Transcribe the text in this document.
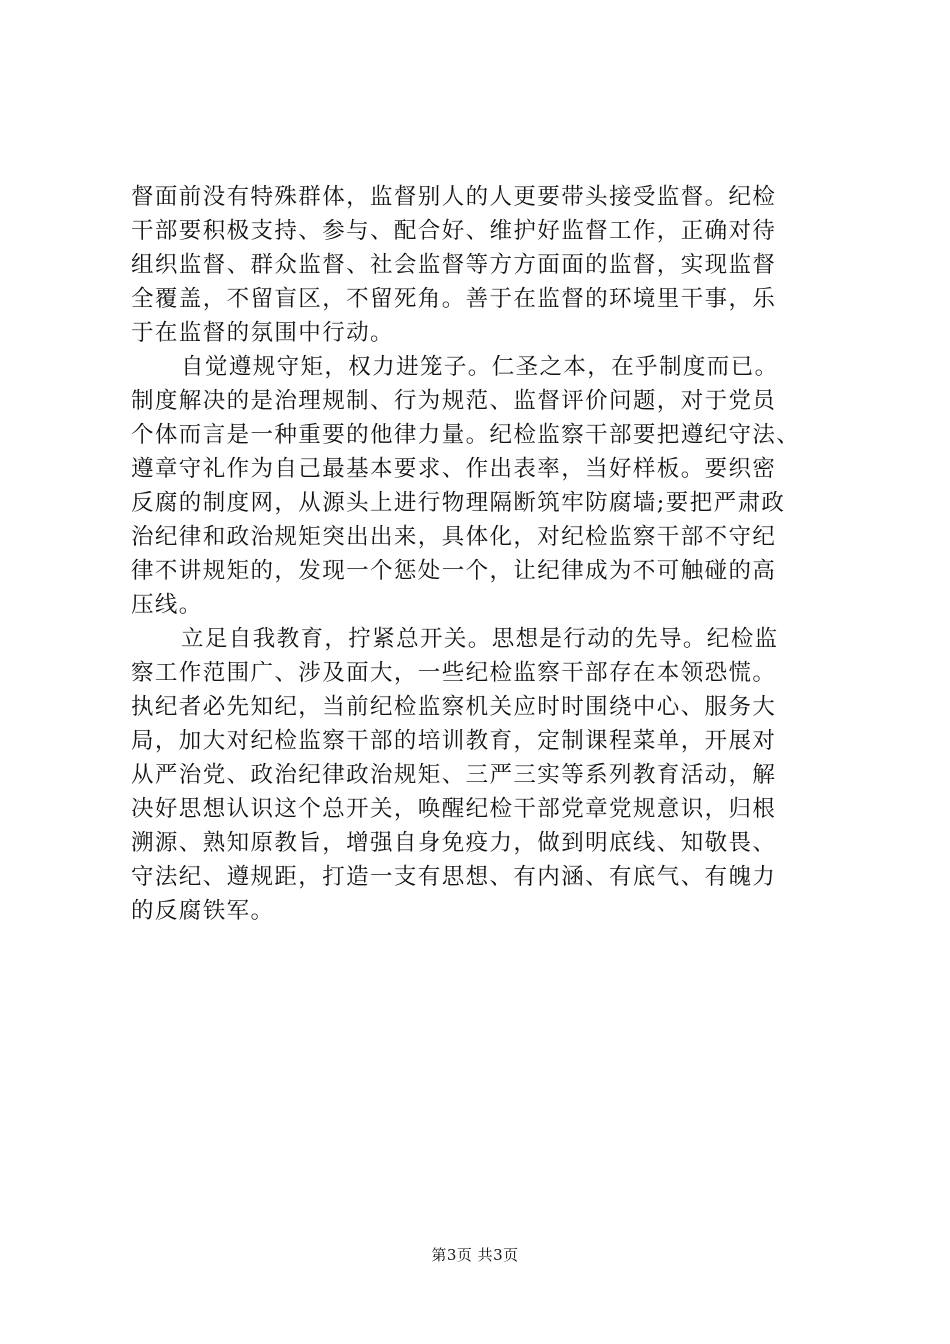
督面前没有特殊群体，监督别人的人更要带头接受监督。纪检
干部要积极支持、参与、配合好、维护好监督工作，正确对待
组织监督、群众监督、社会监督等方方面面的监督，实现监督
全覆盖，不留盲区，不留死角。善于在监督的环境里干事，乐
于在监督的氛围中行动。
自觉遵规守矩，权力进笼子。仁圣之本，在乎制度而已。
制度解决的是治理规制、行为规范、监督评价问题，对于党员
个体而言是一种重要的他律力量。纪检监察干部要把遵纪守法、
遵章守礼作为自己最基本要求、作出表率，当好样板。要织密
反腐的制度网，从源头上进行物理隔断筑牢防腐墙;要把严肃政
治纪律和政治规矩突出出来，具体化，对纪检监察干部不守纪
律不讲规矩的，发现一个惩处一个，让纪律成为不可触碰的高
压线。
立足自我教育，拧紧总开关。思想是行动的先导。纪检监
察工作范围广、涉及面大，一些纪检监察干部存在本领恐慌。
执纪者必先知纪，当前纪检监察机关应时时围绕中心、服务大
局，加大对纪检监察干部的培训教育，定制课程菜单，开展对
从严治党、政治纪律政治规矩、三严三实等系列教育活动，解
决好思想认识这个总开关，唤醒纪检干部党章党规意识，归根
溯源、熟知原教旨，增强自身免疫力，做到明底线、知敬畏、
守法纪、遵规距，打造一支有思想、有内涵、有底气、有魄力
的反腐铁军。
第3页 共3页
